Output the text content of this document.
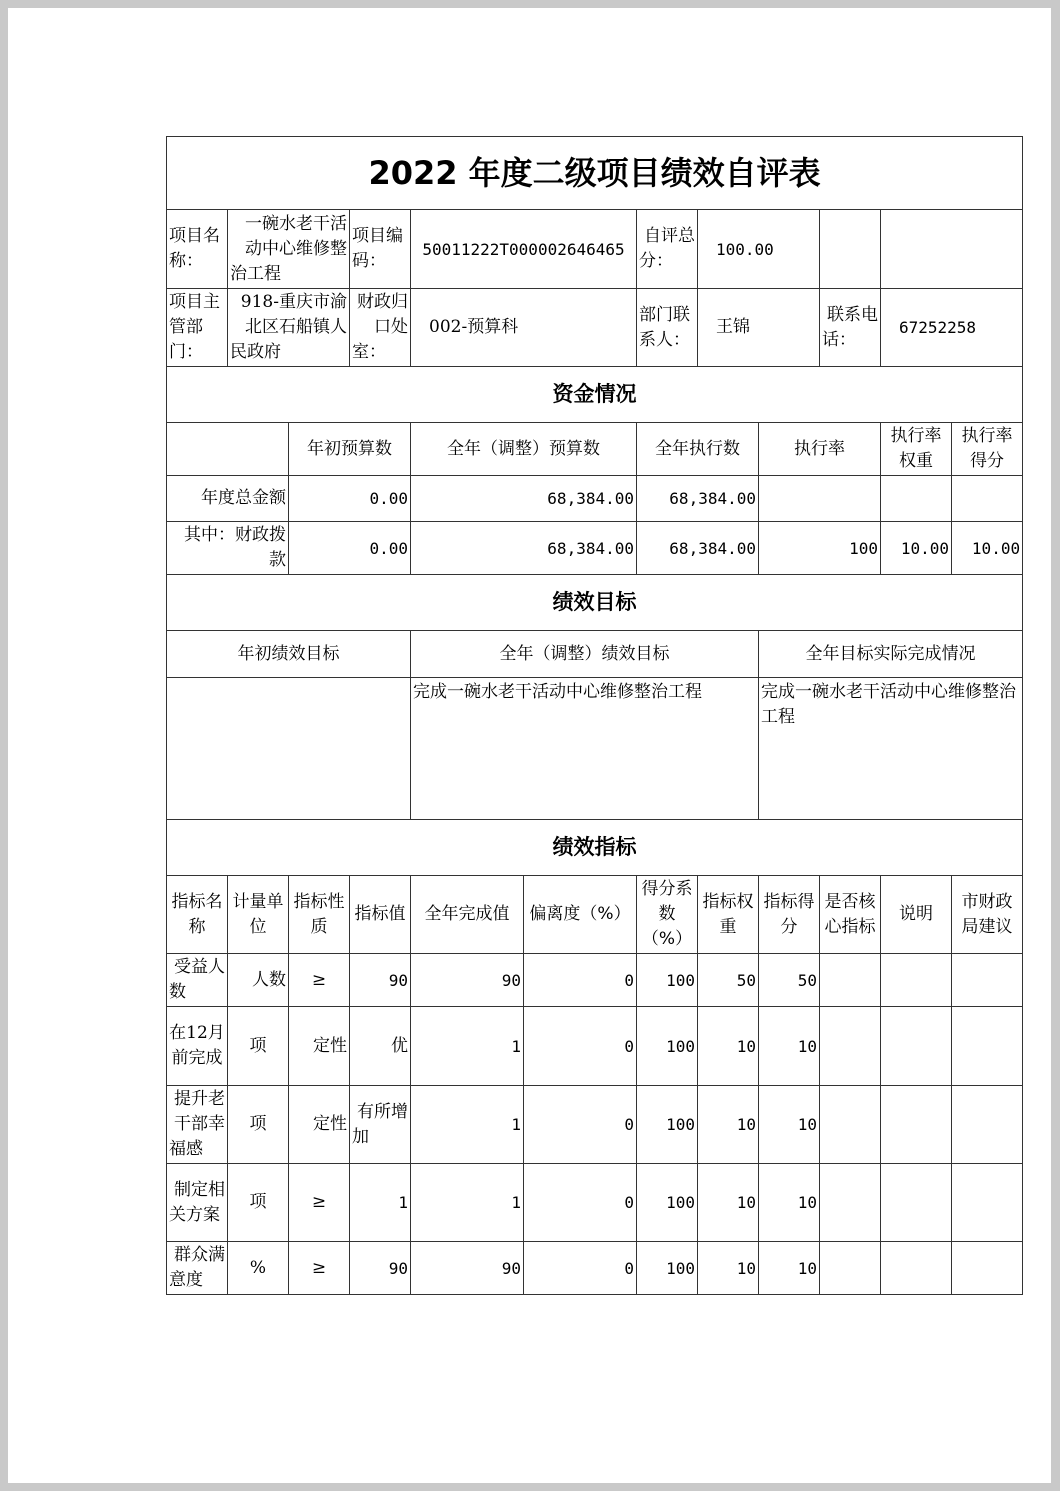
2022 年度二级项目绩效自评表											
项目名称：	一碗水老干活动中心维修整治工程		项目编码：	50011222T000002646465		自评总分：	100.00				
项目主管部门：	918-重庆市渝北区石船镇人民政府		财政归口处室：	002-预算科		部门联系人：	王锦		联系电话：	67252258	
资金情况											
		年初预算数		全年（调整）预算数		全年执行数		执行率		执行率权重	执行率得分
年度总金额		0.00		68,384.00		68,384.00					
其中：财政拨款		0.00		68,384.00		68,384.00		100		10.00	10.00
绩效目标											
年初绩效目标				全年（调整）绩效目标				全年目标实际完成情况			
				完成一碗水老干活动中心维修整治工程				完成一碗水老干活动中心维修整治工程			
绩效指标											
指标名称	计量单位	指标性质	指标值	全年完成值	偏离度（%）	得分系数（%）	指标权重	指标得分	是否核心指标	说明	市财政局建议
受益人数	人数	≥	90	90	0	100	50	50			
在12月前完成	项	定性	优	1	0	100	10	10			
提升老干部幸福感	项	定性	有所增加	1	0	100	10	10			
制定相关方案	项	≥	1	1	0	100	10	10			
群众满意度	%	≥	90	90	0	100	10	10			
